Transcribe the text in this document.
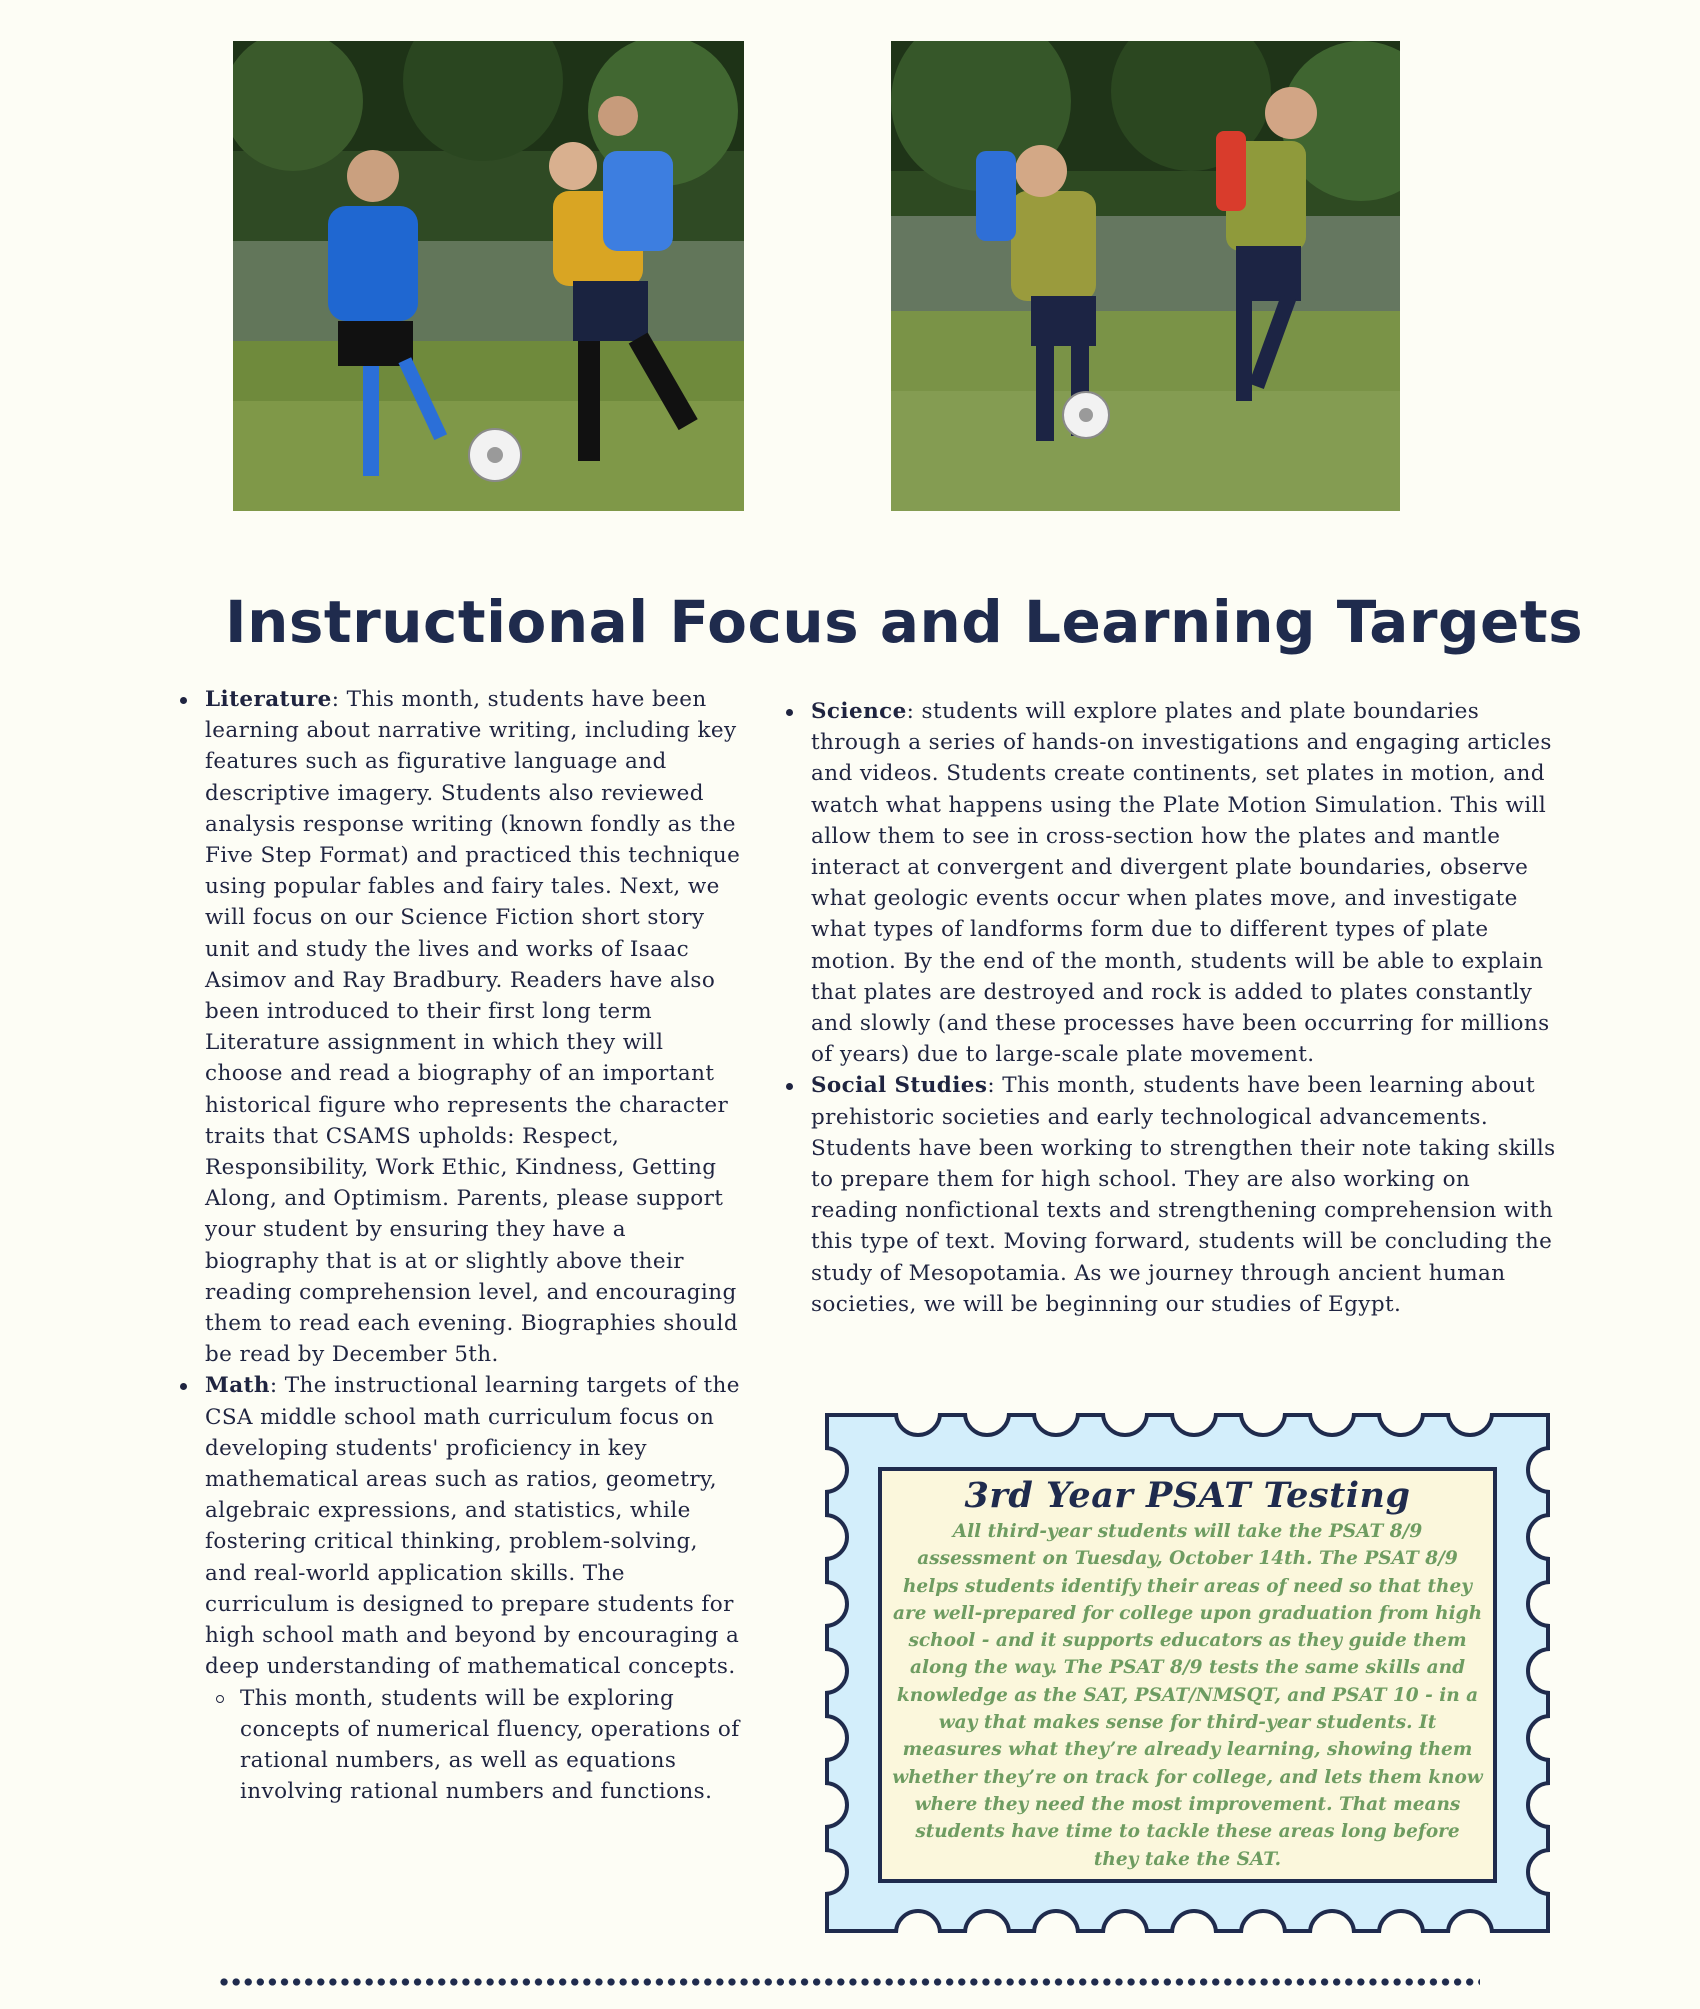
Instructional Focus and Learning Targets
Literature: This month, students have been learning about narrative writing, including key features such as figurative language and descriptive imagery. Students also reviewed analysis response writing (known fondly as the Five Step Format) and practiced this technique using popular fables and fairy tales. Next, we will focus on our Science Fiction short story unit and study the lives and works of Isaac Asimov and Ray Bradbury. Readers have also been introduced to their first long term Literature assignment in which they will choose and read a biography of an important historical figure who represents the character traits that CSAMS upholds: Respect, Responsibility, Work Ethic, Kindness, Getting Along, and Optimism. Parents, please support your student by ensuring they have a biography that is at or slightly above their reading comprehension level, and encouraging them to read each evening. Biographies should be read by December 5th.
Math: The instructional learning targets of the CSA middle school math curriculum focus on developing students' proficiency in key mathematical areas such as ratios, geometry, algebraic expressions, and statistics, while fostering critical thinking, problem-solving, and real-world application skills. The curriculum is designed to prepare students for high school math and beyond by encouraging a deep understanding of mathematical concepts.
This month, students will be exploring concepts of numerical fluency, operations of rational numbers, as well as equations involving rational numbers and functions.
Science: students will explore plates and plate boundaries through a series of hands-on investigations and engaging articles and videos. Students create continents, set plates in motion, and watch what happens using the Plate Motion Simulation. This will allow them to see in cross-section how the plates and mantle interact at convergent and divergent plate boundaries, observe what geologic events occur when plates move, and investigate what types of landforms form due to different types of plate motion. By the end of the month, students will be able to explain that plates are destroyed and rock is added to plates constantly and slowly (and these processes have been occurring for millions of years) due to large-scale plate movement.
Social Studies: This month, students have been learning about prehistoric societies and early technological advancements. Students have been working to strengthen their note taking skills to prepare them for high school. They are also working on reading nonfictional texts and strengthening comprehension with this type of text. Moving forward, students will be concluding the study of Mesopotamia. As we journey through ancient human societies, we will be beginning our studies of Egypt.
3rd Year PSAT Testing
All third-year students will take the PSAT 8/9 assessment on Tuesday, October 14th. The PSAT 8/9 helps students identify their areas of need so that they are well-prepared for college upon graduation from high school - and it supports educators as they guide them along the way. The PSAT 8/9 tests the same skills and knowledge as the SAT, PSAT/NMSQT, and PSAT 10 - in a way that makes sense for third-year students. It measures what they’re already learning, showing them whether they’re on track for college, and lets them know where they need the most improvement. That means students have time to tackle these areas long before they take the SAT.
